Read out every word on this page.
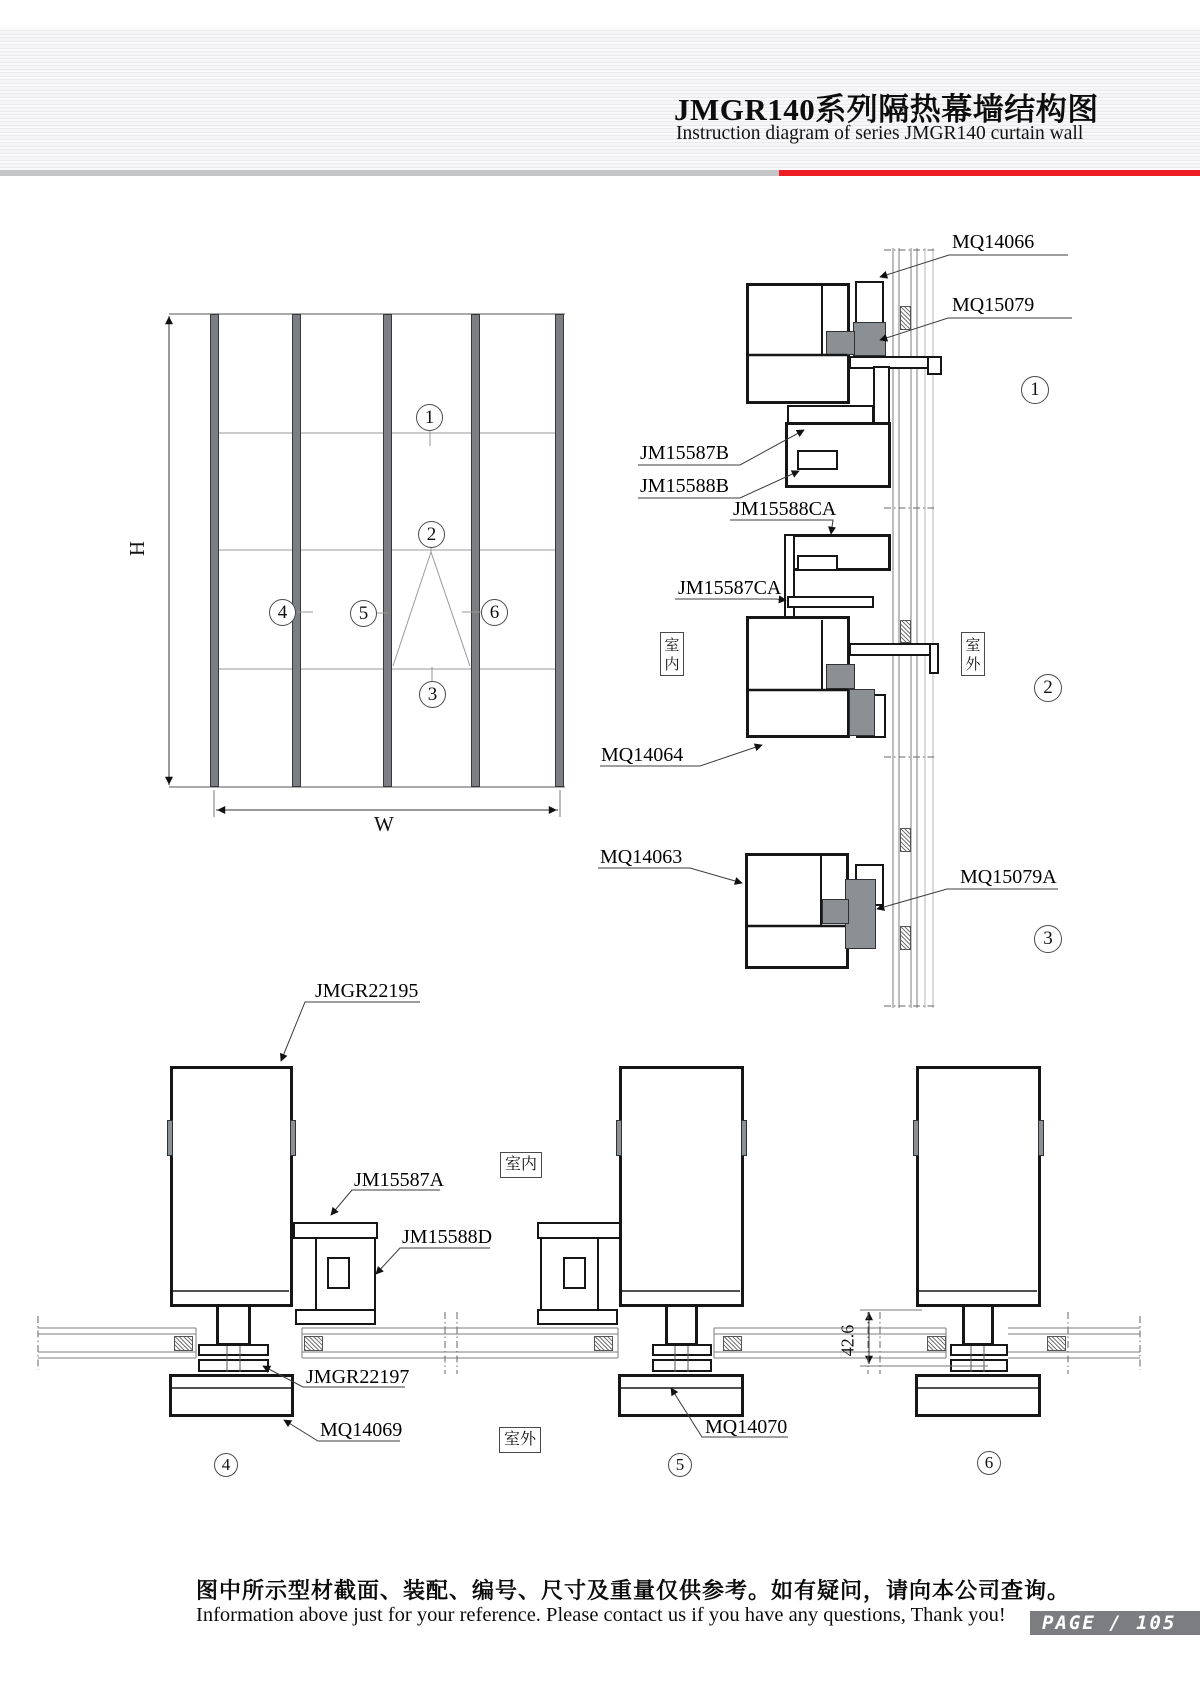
JMGR140系列隔热幕墙结构图
Instruction diagram of series JMGR140 curtain wall
H
W
42.6
1
2
3
4	5	6
1
2
3
4	5	6
MQ14066
MQ15079
JM15587B
JM15588B
JM15588CA
JM15587CA
MQ14064
MQ14063
MQ15079A
JMGR22195
JM15587A
JM15588D
JMGR22197
MQ14069	MQ14070
室内
室外
室内
室外
图中所示型材截面、装配、编号、尺寸及重量仅供参考。如有疑问，请向本公司查询。
Information above just for your reference. Please contact us if you have any questions, Thank you!	PAGE / 105
